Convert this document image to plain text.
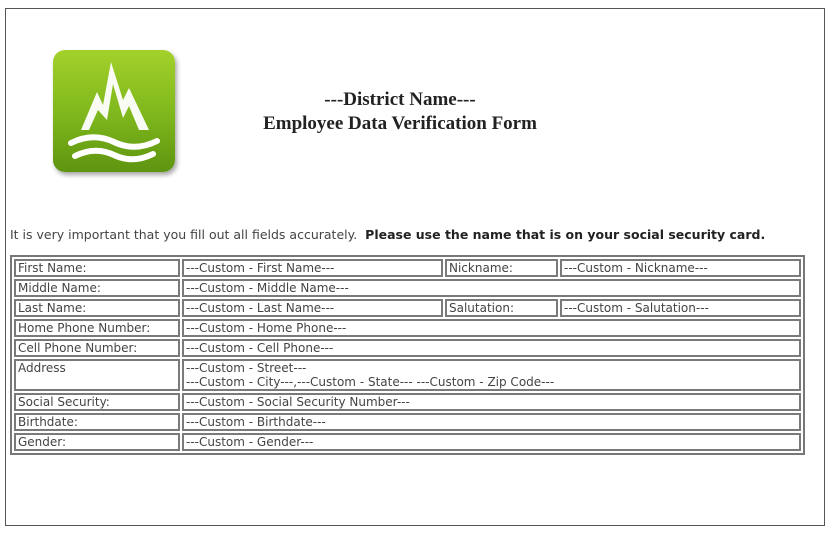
---District Name---
Employee Data Verification Form
It is very important that you fill out all fields accurately. Please use the name that is on your social security card.
First Name:	---Custom - First Name---	Nickname:	---Custom - Nickname---
Middle Name:	---Custom - Middle Name---		
Last Name:	---Custom - Last Name---	Salutation:	---Custom - Salutation---
Home Phone Number:	---Custom - Home Phone---		
Cell Phone Number:	---Custom - Cell Phone---		
Address	---Custom - Street---
---Custom - City---,---Custom - State--- ---Custom - Zip Code---		

Social Security:	---Custom - Social Security Number---		
Birthdate:	---Custom - Birthdate---		
Gender:	---Custom - Gender---		
